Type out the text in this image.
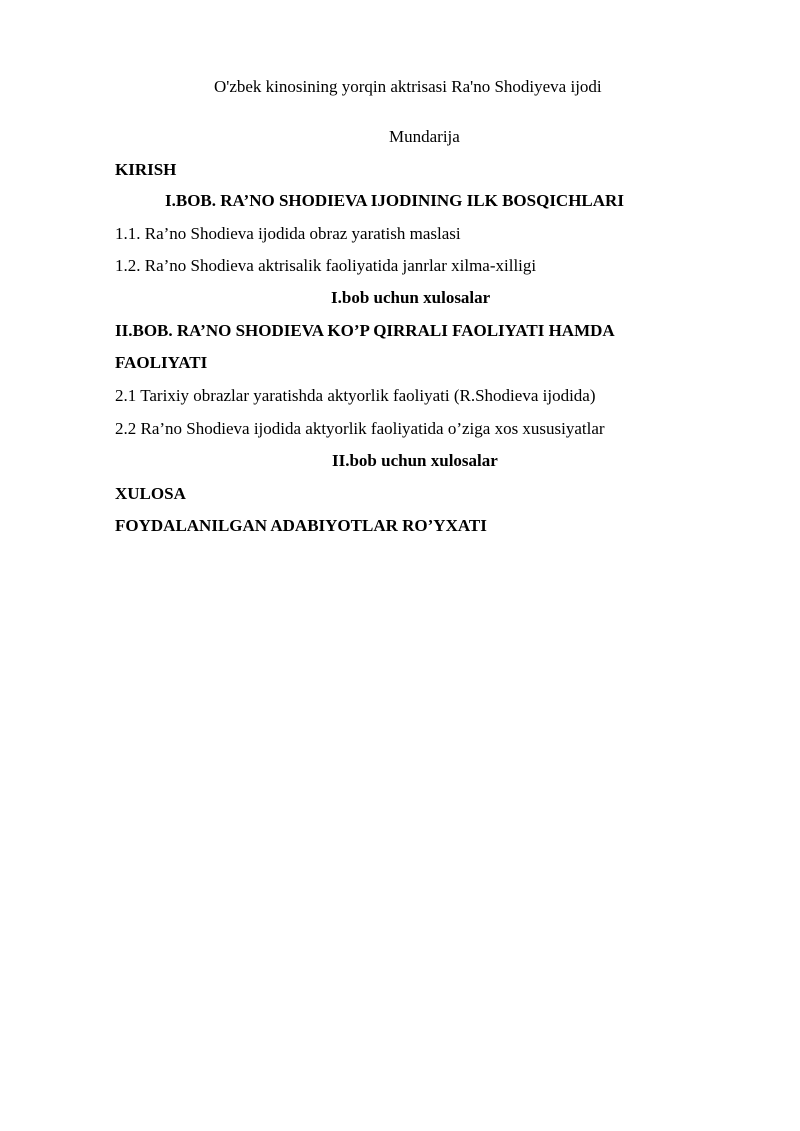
O'zbek kinosining yorqin aktrisasi Ra'no Shodiyeva ijodi
Mundarija
KIRISH
I.BOB. RA’NO SHODIEVA IJODINING ILK BOSQICHLARI
1.1. Ra’no Shodieva ijodida obraz yaratish maslasi
1.2. Ra’no Shodieva aktrisalik faoliyatida janrlar xilma-xilligi
I.bob uchun xulosalar
II.BOB. RA’NO SHODIEVA KO’P QIRRALI FAOLIYATI HAMDA
FAOLIYATI
2.1 Tarixiy obrazlar yaratishda aktyorlik faoliyati (R.Shodieva ijodida)
2.2 Ra’no Shodieva ijodida aktyorlik faoliyatida o’ziga xos xususiyatlar
II.bob uchun xulosalar
XULOSA
FOYDALANILGAN ADABIYOTLAR RO’YXATI
